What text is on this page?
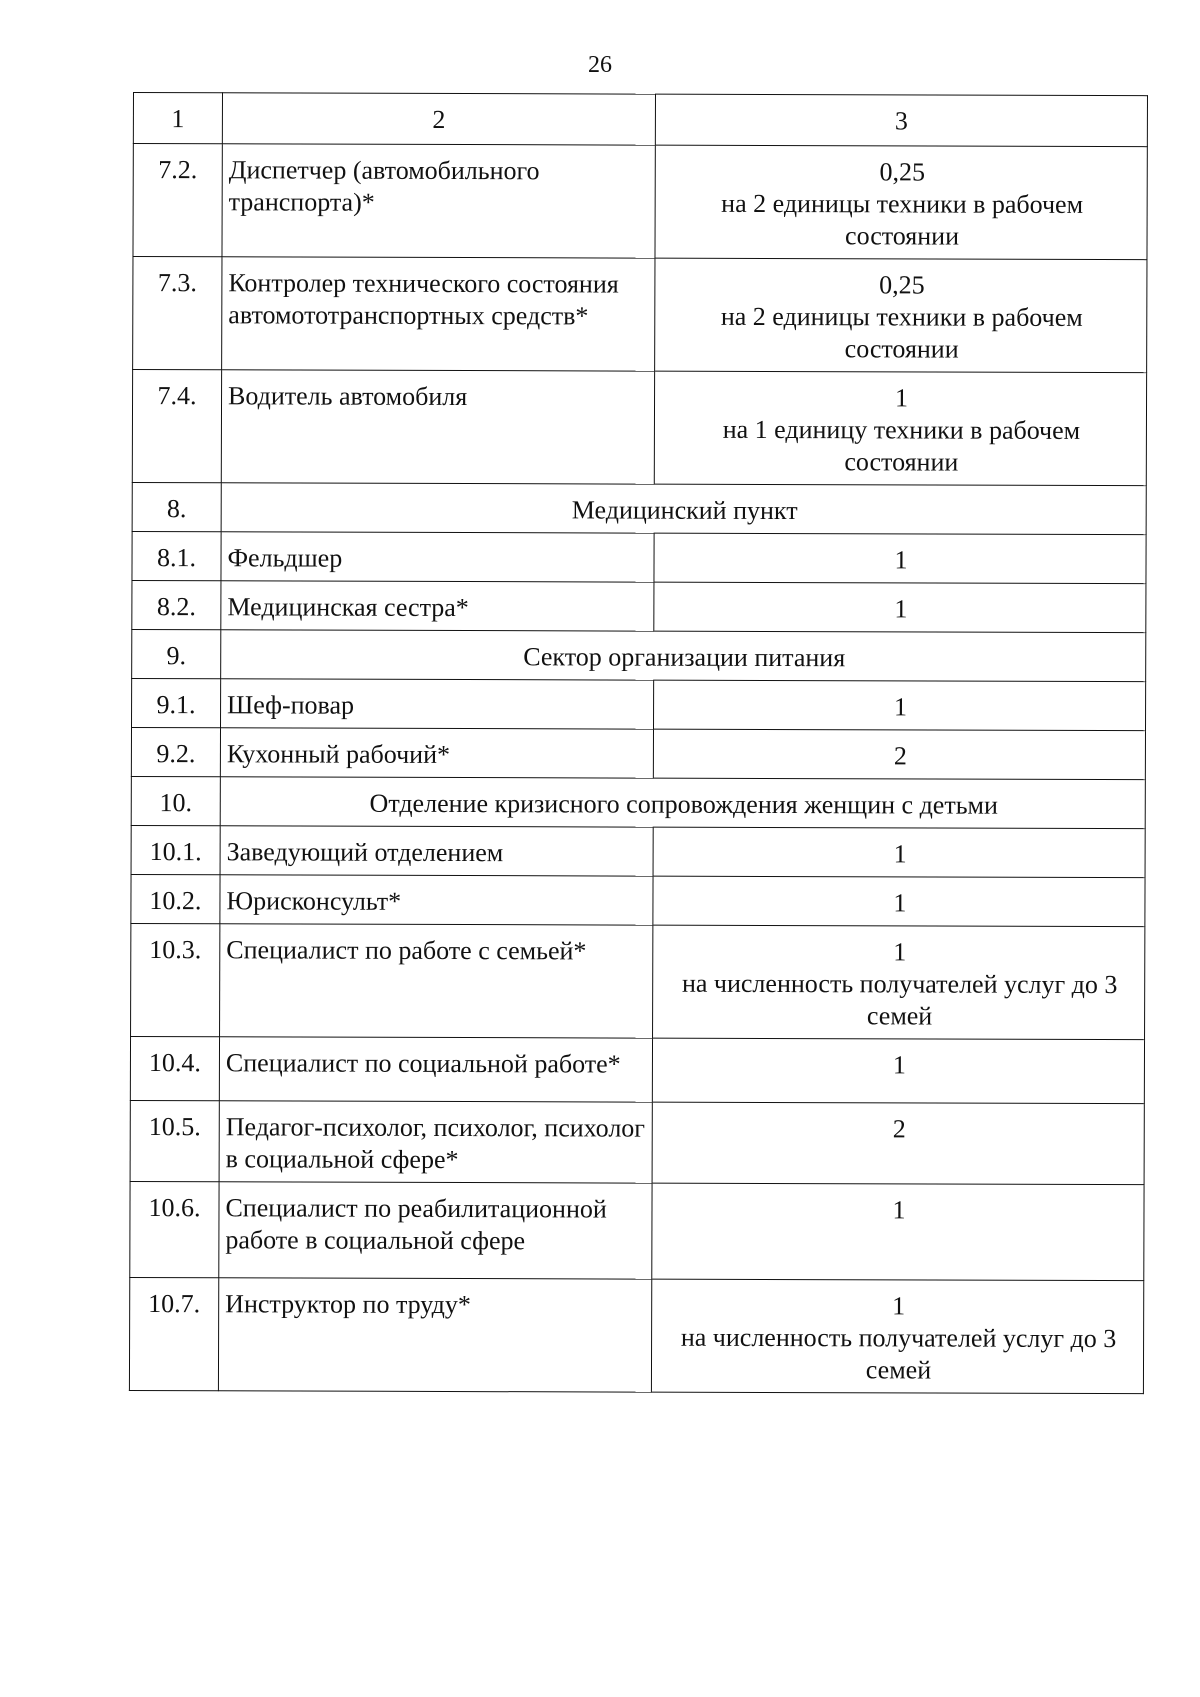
26
1	2	3
7.2.	Диспетчер (автомобильного транспорта)*	0,25
на 2 единицы техники в рабочем состоянии

7.3.	Контролер технического состояния автомототранспортных средств*	0,25
на 2 единицы техники в рабочем состоянии

7.4.	Водитель автомобиля	1
на 1 единицу техники в рабочем состоянии

8.	Медицинский пункт	
8.1.	Фельдшер	1

8.2.	Медицинская сестра*	1

9.	Сектор организации питания	
9.1.	Шеф-повар	1

9.2.	Кухонный рабочий*	2

10.	Отделение кризисного сопровождения женщин с детьми	
10.1.	Заведующий отделением	1

10.2.	Юрисконсульт*	1

10.3.	Специалист по работе с семьей*	1
на численность получателей услуг до 3 семей

10.4.	Специалист по социальной работе*	1

10.5.	Педагог-психолог, психолог, психолог в социальной сфере*	2

10.6.	Специалист по реабилитационной работе в социальной сфере	1

10.7.	Инструктор по труду*	1
на численность получателей услуг до 3 семей
